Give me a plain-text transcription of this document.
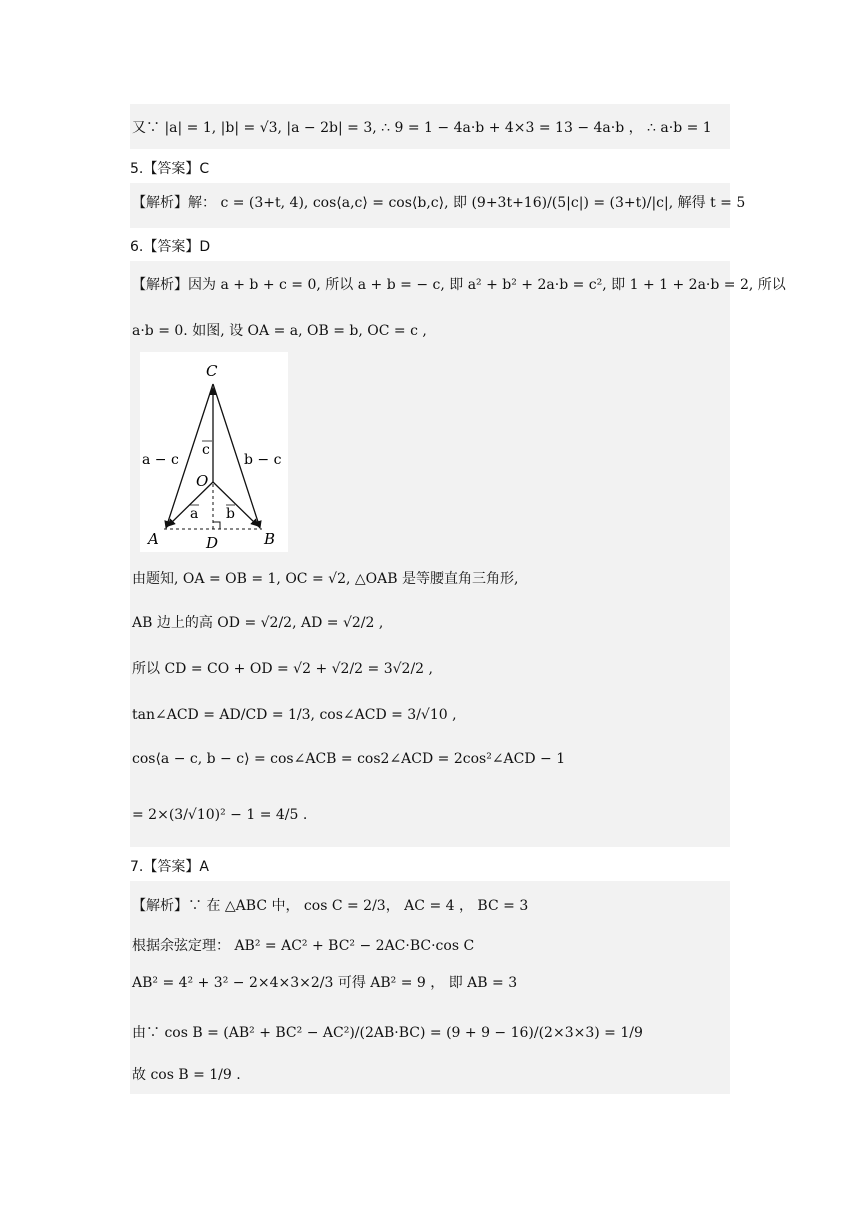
又∵ |a| = 1, |b| = √3, |a − 2b| = 3, ∴ 9 = 1 − 4a·b + 4×3 = 13 − 4a·b ， ∴ a·b = 1
5.【答案】C
【解析】解： c = (3+t, 4), cos⟨a,c⟩ = cos⟨b,c⟩, 即 (9+3t+16)/(5|c|) = (3+t)/|c|, 解得 t = 5
6.【答案】D
【解析】因为 a + b + c = 0, 所以 a + b = − c, 即 a² + b² + 2a·b = c², 即 1 + 1 + 2a·b = 2, 所以
a·b = 0. 如图, 设 OA = a, OB = b, OC = c ,
C
O
A	B
D
c
a b
a − c	b − c
由题知, OA = OB = 1, OC = √2, △OAB 是等腰直角三角形,
AB 边上的高 OD = √2/2, AD = √2/2 ,
所以 CD = CO + OD = √2 + √2/2 = 3√2/2 ,
tan∠ACD = AD/CD = 1/3, cos∠ACD = 3/√10 ,
cos⟨a − c, b − c⟩ = cos∠ACB = cos2∠ACD = 2cos²∠ACD − 1
= 2×(3/√10)² − 1 = 4/5 .
7.【答案】A
【解析】∵ 在 △ABC 中， cos C = 2/3， AC = 4 ， BC = 3
根据余弦定理： AB² = AC² + BC² − 2AC·BC·cos C
AB² = 4² + 3² − 2×4×3×2/3 可得 AB² = 9 ， 即 AB = 3
由∵ cos B = (AB² + BC² − AC²)/(2AB·BC) = (9 + 9 − 16)/(2×3×3) = 1/9
故 cos B = 1/9 .
